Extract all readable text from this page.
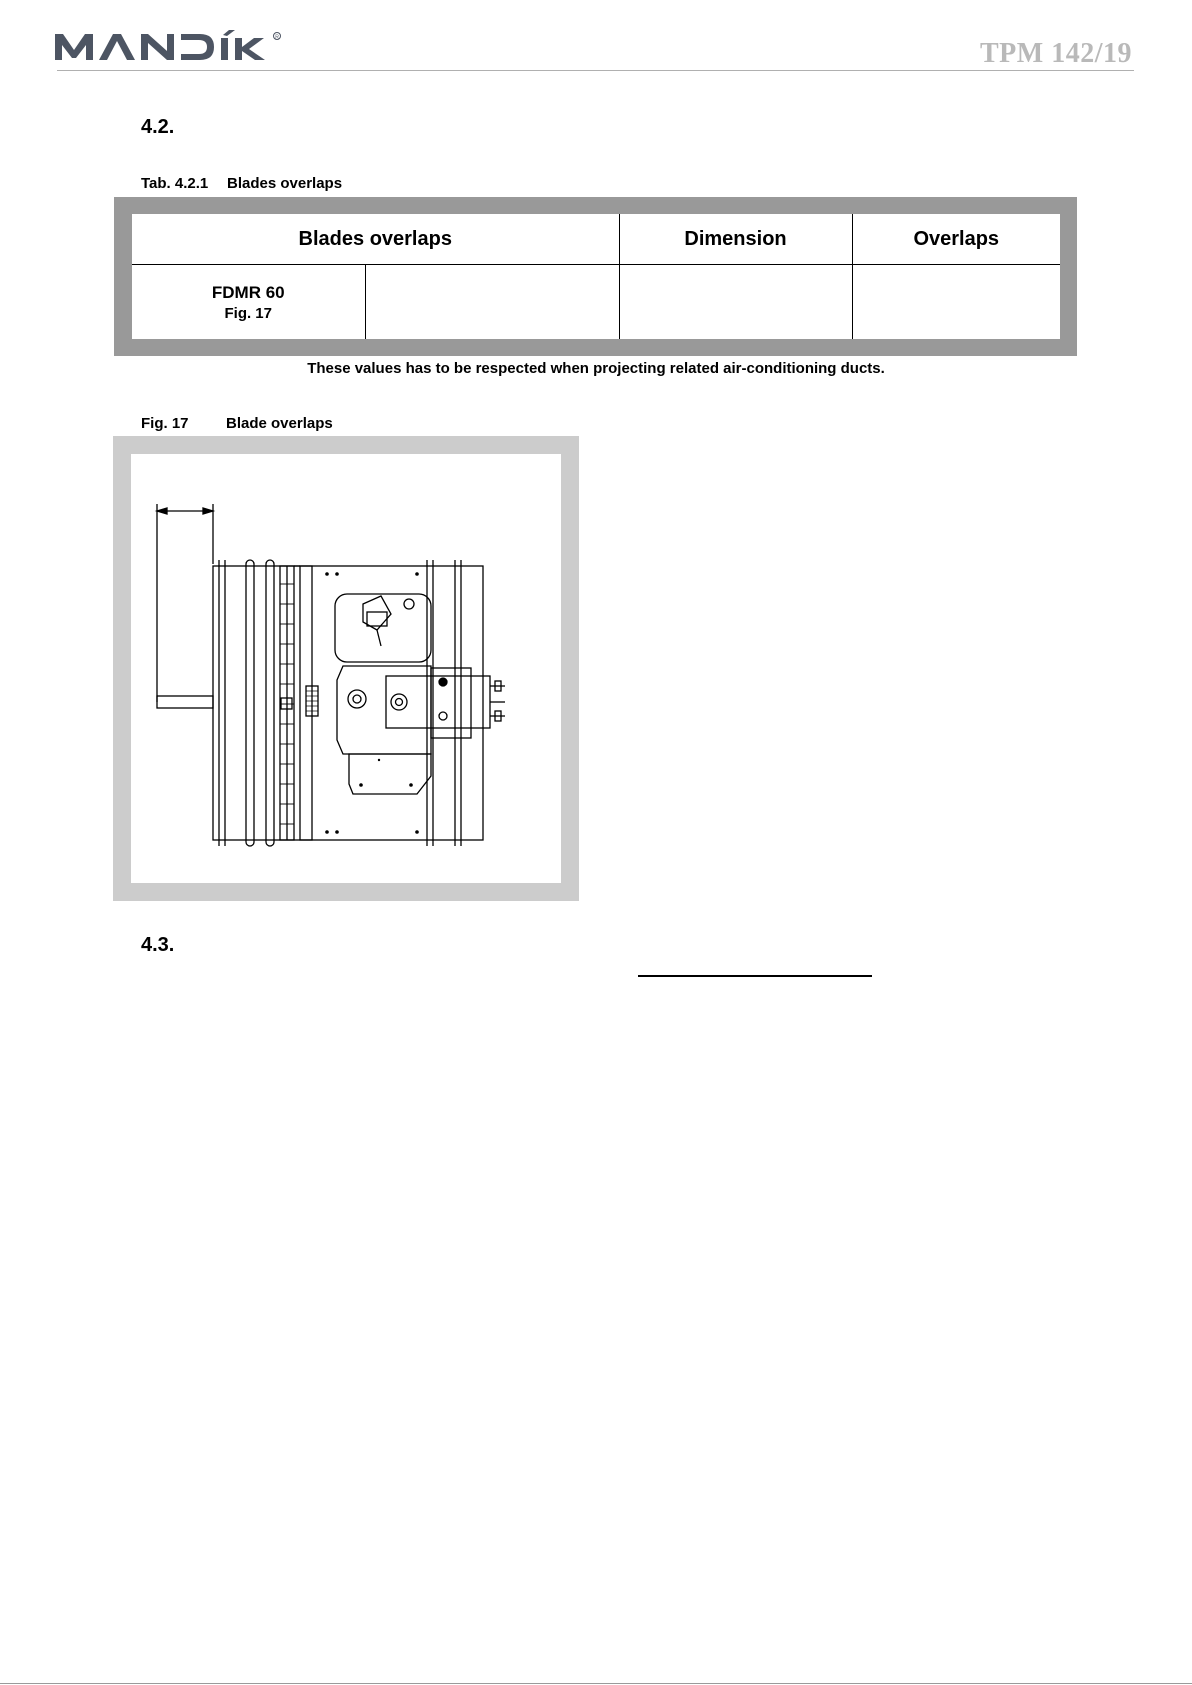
R
TPM 142/19
4.2.
Tab. 4.2.1 Blades overlaps
Blades overlaps		Dimension	Overlaps

FDMR 60
Fig. 17			

These values has to be respected when projecting related air-conditioning ducts.
Fig. 17 Blade overlaps
4.3.
